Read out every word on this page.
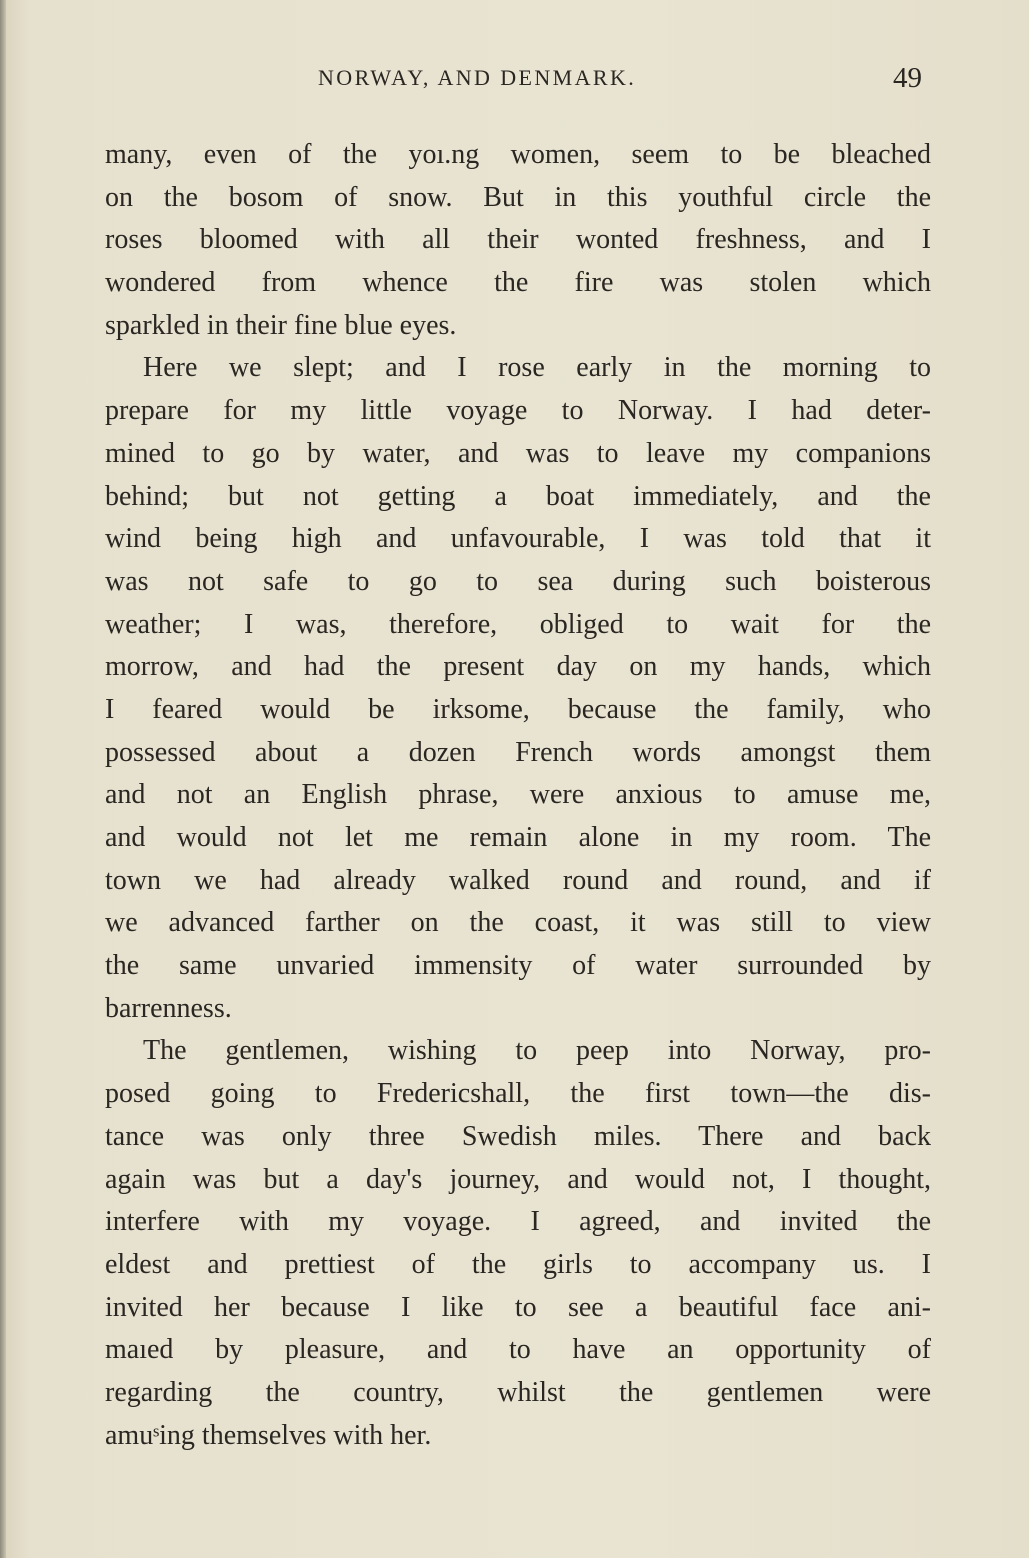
NORWAY, AND DENMARK.	49
many, even of the yoı.ng women, seem to be bleached
on the bosom of snow. But in this youthful circle the
roses bloomed with all their wonted freshness, and I
wondered from whence the fire was stolen which
sparkled in their fine blue eyes.
Here we slept; and I rose early in the morning to
prepare for my little voyage to Norway. I had deter-
mined to go by water, and was to leave my companions
behind; but not getting a boat immediately, and the
wind being high and unfavourable, I was told that it
was not safe to go to sea during such boisterous
weather; I was, therefore, obliged to wait for the
morrow, and had the present day on my hands, which
I feared would be irksome, because the family, who
possessed about a dozen French words amongst them
and not an English phrase, were anxious to amuse me,
and would not let me remain alone in my room. The
town we had already walked round and round, and if
we advanced farther on the coast, it was still to view
the same unvaried immensity of water surrounded by
barrenness.
The gentlemen, wishing to peep into Norway, pro-
posed going to Fredericshall, the first town—the dis-
tance was only three Swedish miles. There and back
again was but a day's journey, and would not, I thought,
interfere with my voyage. I agreed, and invited the
eldest and prettiest of the girls to accompany us. I
invited her because I like to see a beautiful face ani-
maıed by pleasure, and to have an opportunity of
regarding the country, whilst the gentlemen were
amuˢing themselves with her.
